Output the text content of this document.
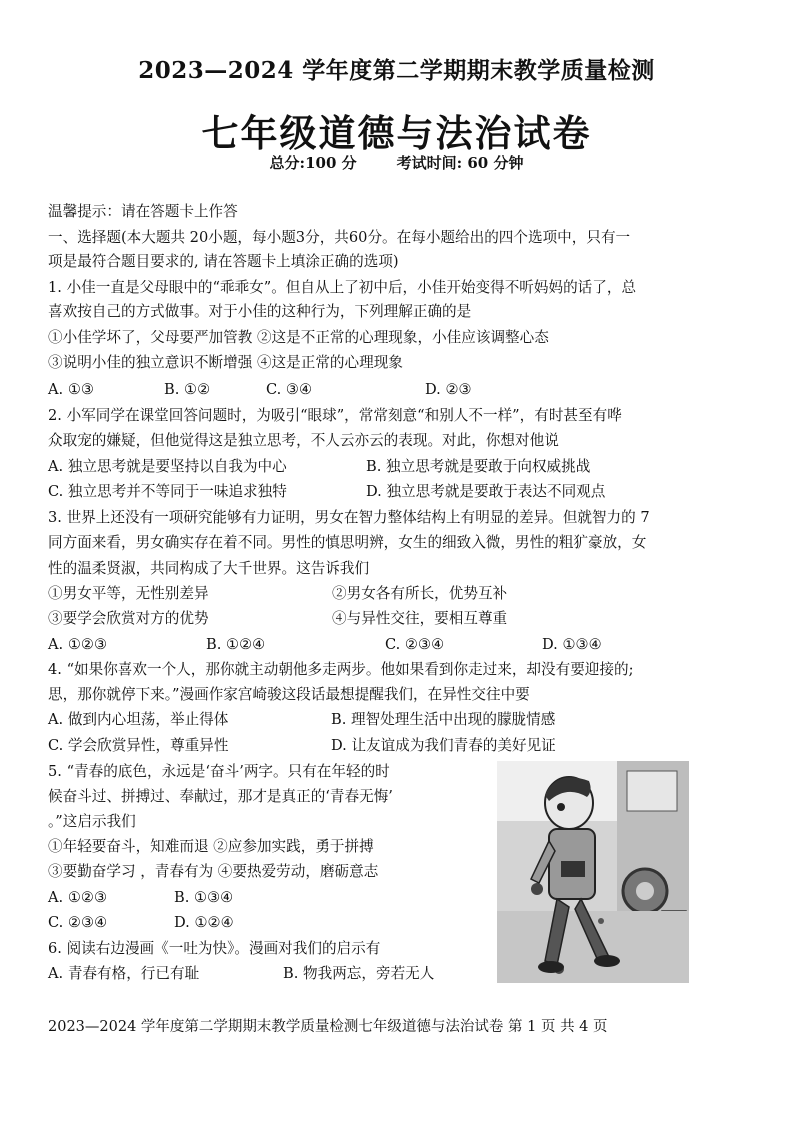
2023—2024 学年度第二学期期末教学质量检测
七年级道德与法治试卷
总分:100 分	考试时间: 60 分钟
温馨提示：请在答题卡上作答
一、选择题(本大题共 20小题，每小题3分，共60分。在每小题给出的四个选项中，只有一
项是最符合题目要求的, 请在答题卡上填涂正确的选项)
1. 小佳一直是父母眼中的“乖乖女”。但自从上了初中后，小佳开始变得不听妈妈的话了，总
喜欢按自己的方式做事。对于小佳的这种行为，下列理解正确的是
①小佳学坏了，父母要严加管教 ②这是不正常的心理现象，小佳应该调整心态
③说明小佳的独立意识不断增强 ④这是正常的心理现象
A. ①③	B. ①②	C. ③④	D. ②③
2. 小军同学在课堂回答问题时，为吸引“眼球”，常常刻意“和别人不一样”，有时甚至有哗
众取宠的嫌疑，但他觉得这是独立思考，不人云亦云的表现。对此，你想对他说
A. 独立思考就是要坚持以自我为中心	B. 独立思考就是要敢于向权威挑战
C. 独立思考并不等同于一味追求独特	D. 独立思考就是要敢于表达不同观点
3. 世界上还没有一项研究能够有力证明，男女在智力整体结构上有明显的差异。但就智力的 7
同方面来看，男女确实存在着不同。男性的慎思明辨，女生的细致入微，男性的粗犷豪放，女
性的温柔贤淑，共同构成了大千世界。这告诉我们
①男女平等，无性别差异	②男女各有所长，优势互补
③要学会欣赏对方的优势	④与异性交往，要相互尊重
A. ①②③	B. ①②④	C. ②③④	D. ①③④
4. “如果你喜欢一个人，那你就主动朝他多走两步。他如果看到你走过来，却没有要迎接的;
思，那你就停下来。”漫画作家宫崎骏这段话最想提醒我们，在异性交往中要
A. 做到内心坦荡，举止得体	B. 理智处理生活中出现的朦胧情感
C. 学会欣赏异性，尊重异性	D. 让友谊成为我们青春的美好见证
5. “青春的底色，永远是‘奋斗’两字。只有在年轻的时
候奋斗过、拼搏过、奉献过，那才是真正的‘青春无悔’
。”这启示我们
①年轻要奋斗，知难而退 ②应参加实践，勇于拼搏
③要勤奋学习 ，青春有为 ④要热爱劳动，磨砺意志
A. ①②③	B. ①③④
C. ②③④	D. ①②④
6. 阅读右边漫画《一吐为快》。漫画对我们的启示有
A. 青春有格，行已有耻	B. 物我两忘，旁若无人
2023—2024 学年度第二学期期末教学质量检测七年级道德与法治试卷 第 1 页 共 4 页
